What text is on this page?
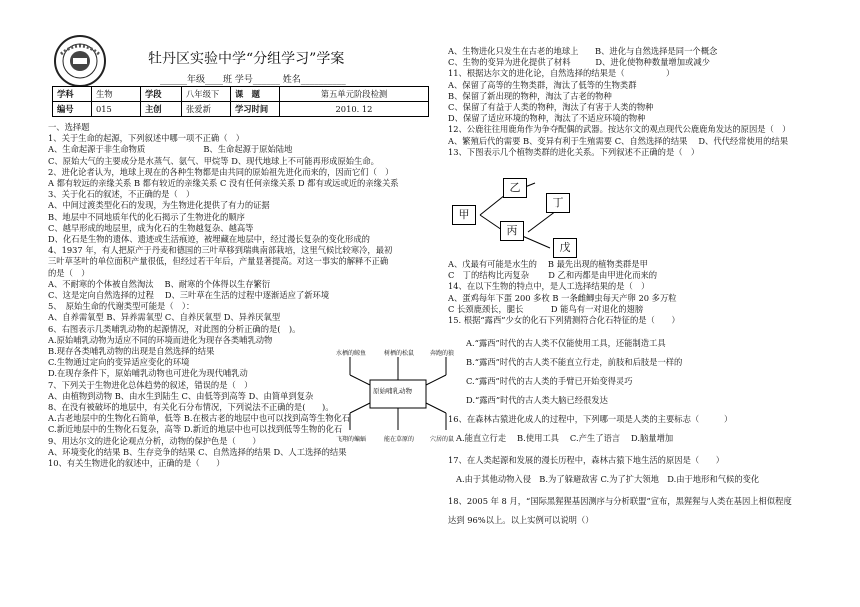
牡丹区实验中学“分组学习”学案
______年级____班 学号______ 姓名__________
学科	生物	学段	八年级下	课　题	第五单元阶段检测
编号	015	主创	张爱新	学习时间	2010. 12
一、选择题
1、关于生命的起源，下列叙述中哪一项不正确（　）
A、生命起源于非生命物质　　　　　　　B、生命起源于原始陆地
C、原始大气的主要成分是水蒸气、氨气、甲烷等 D、现代地球上不可能再形成原始生命。
2、进化论者认为，地球上现在的各种生物都是由共同的原始祖先进化而来的，因而它们（　）
A 都有较远的亲缘关系 B 都有较近的亲缘关系 C 没有任何亲缘关系 D 都有或远或近的亲缘关系
3、关于化石的叙述，不正确的是（　）
A、中间过渡类型化石的发现，为生物进化提供了有力的证据
B、地层中不同地质年代的化石揭示了生物进化的顺序
C、越早形成的地层里，成为化石的生物越复杂、越高等
D、化石是生物的遗体、遗迹或生活痕迹，被埋藏在地层中，经过漫长复杂的变化形成的
4、1937 年，有人把原产于丹麦和德国的三叶草移到瑞典南部栽培，这里气候比较寒冷，最初
三叶草茎叶的单位面积产量很低，但经过若干年后，产量显著提高。对这一事实的解释不正确
的是（　）
A、不耐寒的个体被自然淘汰　 B、耐寒的个体得以生存繁衍
C、这是定向自然选择的过程　 D、三叶草在生活的过程中逐渐适应了新环境
5、　原始生命的代谢类型可能是（　）：
A、自养需氧型 B、异养需氧型 C、自养厌氧型 D、异养厌氧型
6、右图表示几类哺乳动物的起源情况，对此图的分析正确的是(　)。
A.原始哺乳动物为适应不同的环境而进化为现存各类哺乳动物
B.现存各类哺乳动物的出现是自然选择的结果
C.生物通过定向的变异适应变化的环境
D.在现存条件下，原始哺乳动物也可进化为现代哺乳动
7、下列关于生物进化总体趋势的叙述，错误的是（　）
A、由植物到动物 B、由水生到陆生 C、由低等到高等 D、由简单到复杂
8、在没有被破坏的地层中，有关化石分布情况，下列说法不正确的是(　　)。
A.古老地层中的生物化石简单，低等 B.在极古老的地层中也可以找到高等生物化石
C.新近地层中的生物化石复杂，高等 D.新近的地层中也可以找到低等生物的化石
9、用达尔文的进化论观点分析，动物的保护色是（　　）
A、环境变化的结果 B、生存竞争的结果 C、自然选择的结果 D、人工选择的结果
10、有关生物进化的叙述中，正确的是（　　）
原始哺乳动物
水栖的鲸鱼	树栖的松鼠	奔跑的狼
飞翔的蝙蝠	能在草原的	穴居的鼠
A、生物进化只发生在古老的地球上　　B、进化与自然选择是同一个概念
C、生物的变异为进化提供了材料　　　D、进化使物种数量增加或减少
11、根据达尔文的进化论，自然选择的结果是（　　　　　）
A、保留了高等的生物类群，淘汰了低等的生物类群
B、保留了新出现的物种，淘汰了古老的物种
C、保留了有益于人类的物种，淘汰了有害于人类的物种
D、保留了适应环境的物种，淘汰了不适应环境的物种
12、公鹿往往用鹿角作为争夺配偶的武器。按达尔文的观点现代公鹿鹿角发达的原因是（　）
A、繁殖后代的需要 B、变异有利于生殖需要 C、自然选择的结果　 D、代代经常使用的结果
13、下图表示几个植物类群的进化关系。下列叙述不正确的是（　）
甲
乙
丙
丁
戊
A、戊最有可能是水生的　 B 最先出现的植物类群是甲
C　丁的结构比丙复杂　　 D 乙和丙都是由甲进化而来的
14、在以下生物的特点中，是人工选择结果的是（　）
A、蛋鸡每年下蛋 200 多枚 B 一条雌鲫虫每天产卵 20 多万粒
C 长颈鹿颈长，腿长　　　 D 能鸟有一对退化的翅膀
15. 根据“露西”少女的化石下列猜测符合化石特征的是（　　）
A.“露西”时代的古人类不仅能使用工具，还能制造工具
B.“露西”时代的古人类不能直立行走，前肢和后肢是一样的
C.“露西”时代的古人类的手臂已开始变得灵巧
D.“露西”时代的古人类大脑已经很发达
16、在森林古猿进化成人的过程中，下列哪一项是人类的主要标志（　　　）
A.能直立行走　 B.使用工具　 C.产生了语言　 D.脑量增加
17、在人类起源和发展的漫长历程中，森林古猿下地生活的原因是（　　）
A.由于其他动物入侵　B.为了躲避敌害 C.为了扩大领地　D.由于地形和气候的变化
18、2005 年 8 月，“国际黑猩猩基因测序与分析联盟”宣布，黑猩猩与人类在基因上相似程度
达到 96%以上。以上实例可以说明（）
